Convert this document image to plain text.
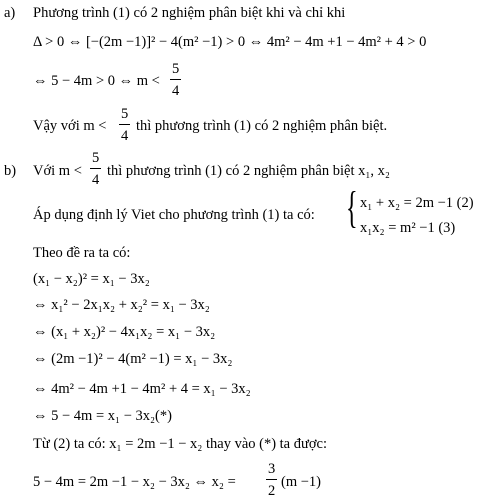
a) Phương trình (1) có 2 nghiệm phân biệt khi và chỉ khi
Δ > 0 ⇔ [−(2m −1)]² − 4(m² −1) > 0 ⇔ 4m² − 4m +1 − 4m² + 4 > 0
⇔ 5 − 4m > 0 ⇔ m <
5
4
Vậy với m <
5
4
thì phương trình (1) có 2 nghiệm phân biệt.
b) Với m <
5
4
thì phương trình (1) có 2 nghiệm phân biệt x₁, x₂
Áp dụng định lý Viet cho phương trình (1) ta có: { x₁ + x₂ = 2m −1 (2)
x₁x₂ = m² −1 (3)
Theo đề ra ta có:
(x₁ − x₂)² = x₁ − 3x₂
⇔ x₁² − 2x₁x₂ + x₂² = x₁ − 3x₂
⇔ (x₁ + x₂)² − 4x₁x₂ = x₁ − 3x₂
⇔ (2m −1)² − 4(m² −1) = x₁ − 3x₂
⇔ 4m² − 4m +1 − 4m² + 4 = x₁ − 3x₂
⇔ 5 − 4m = x₁ − 3x₂(*)
Từ (2) ta có: x₁ = 2m −1 − x₂ thay vào (*) ta được:
5 − 4m = 2m −1 − x₂ − 3x₂ ⇔ x₂ =
3
2
(m −1)
